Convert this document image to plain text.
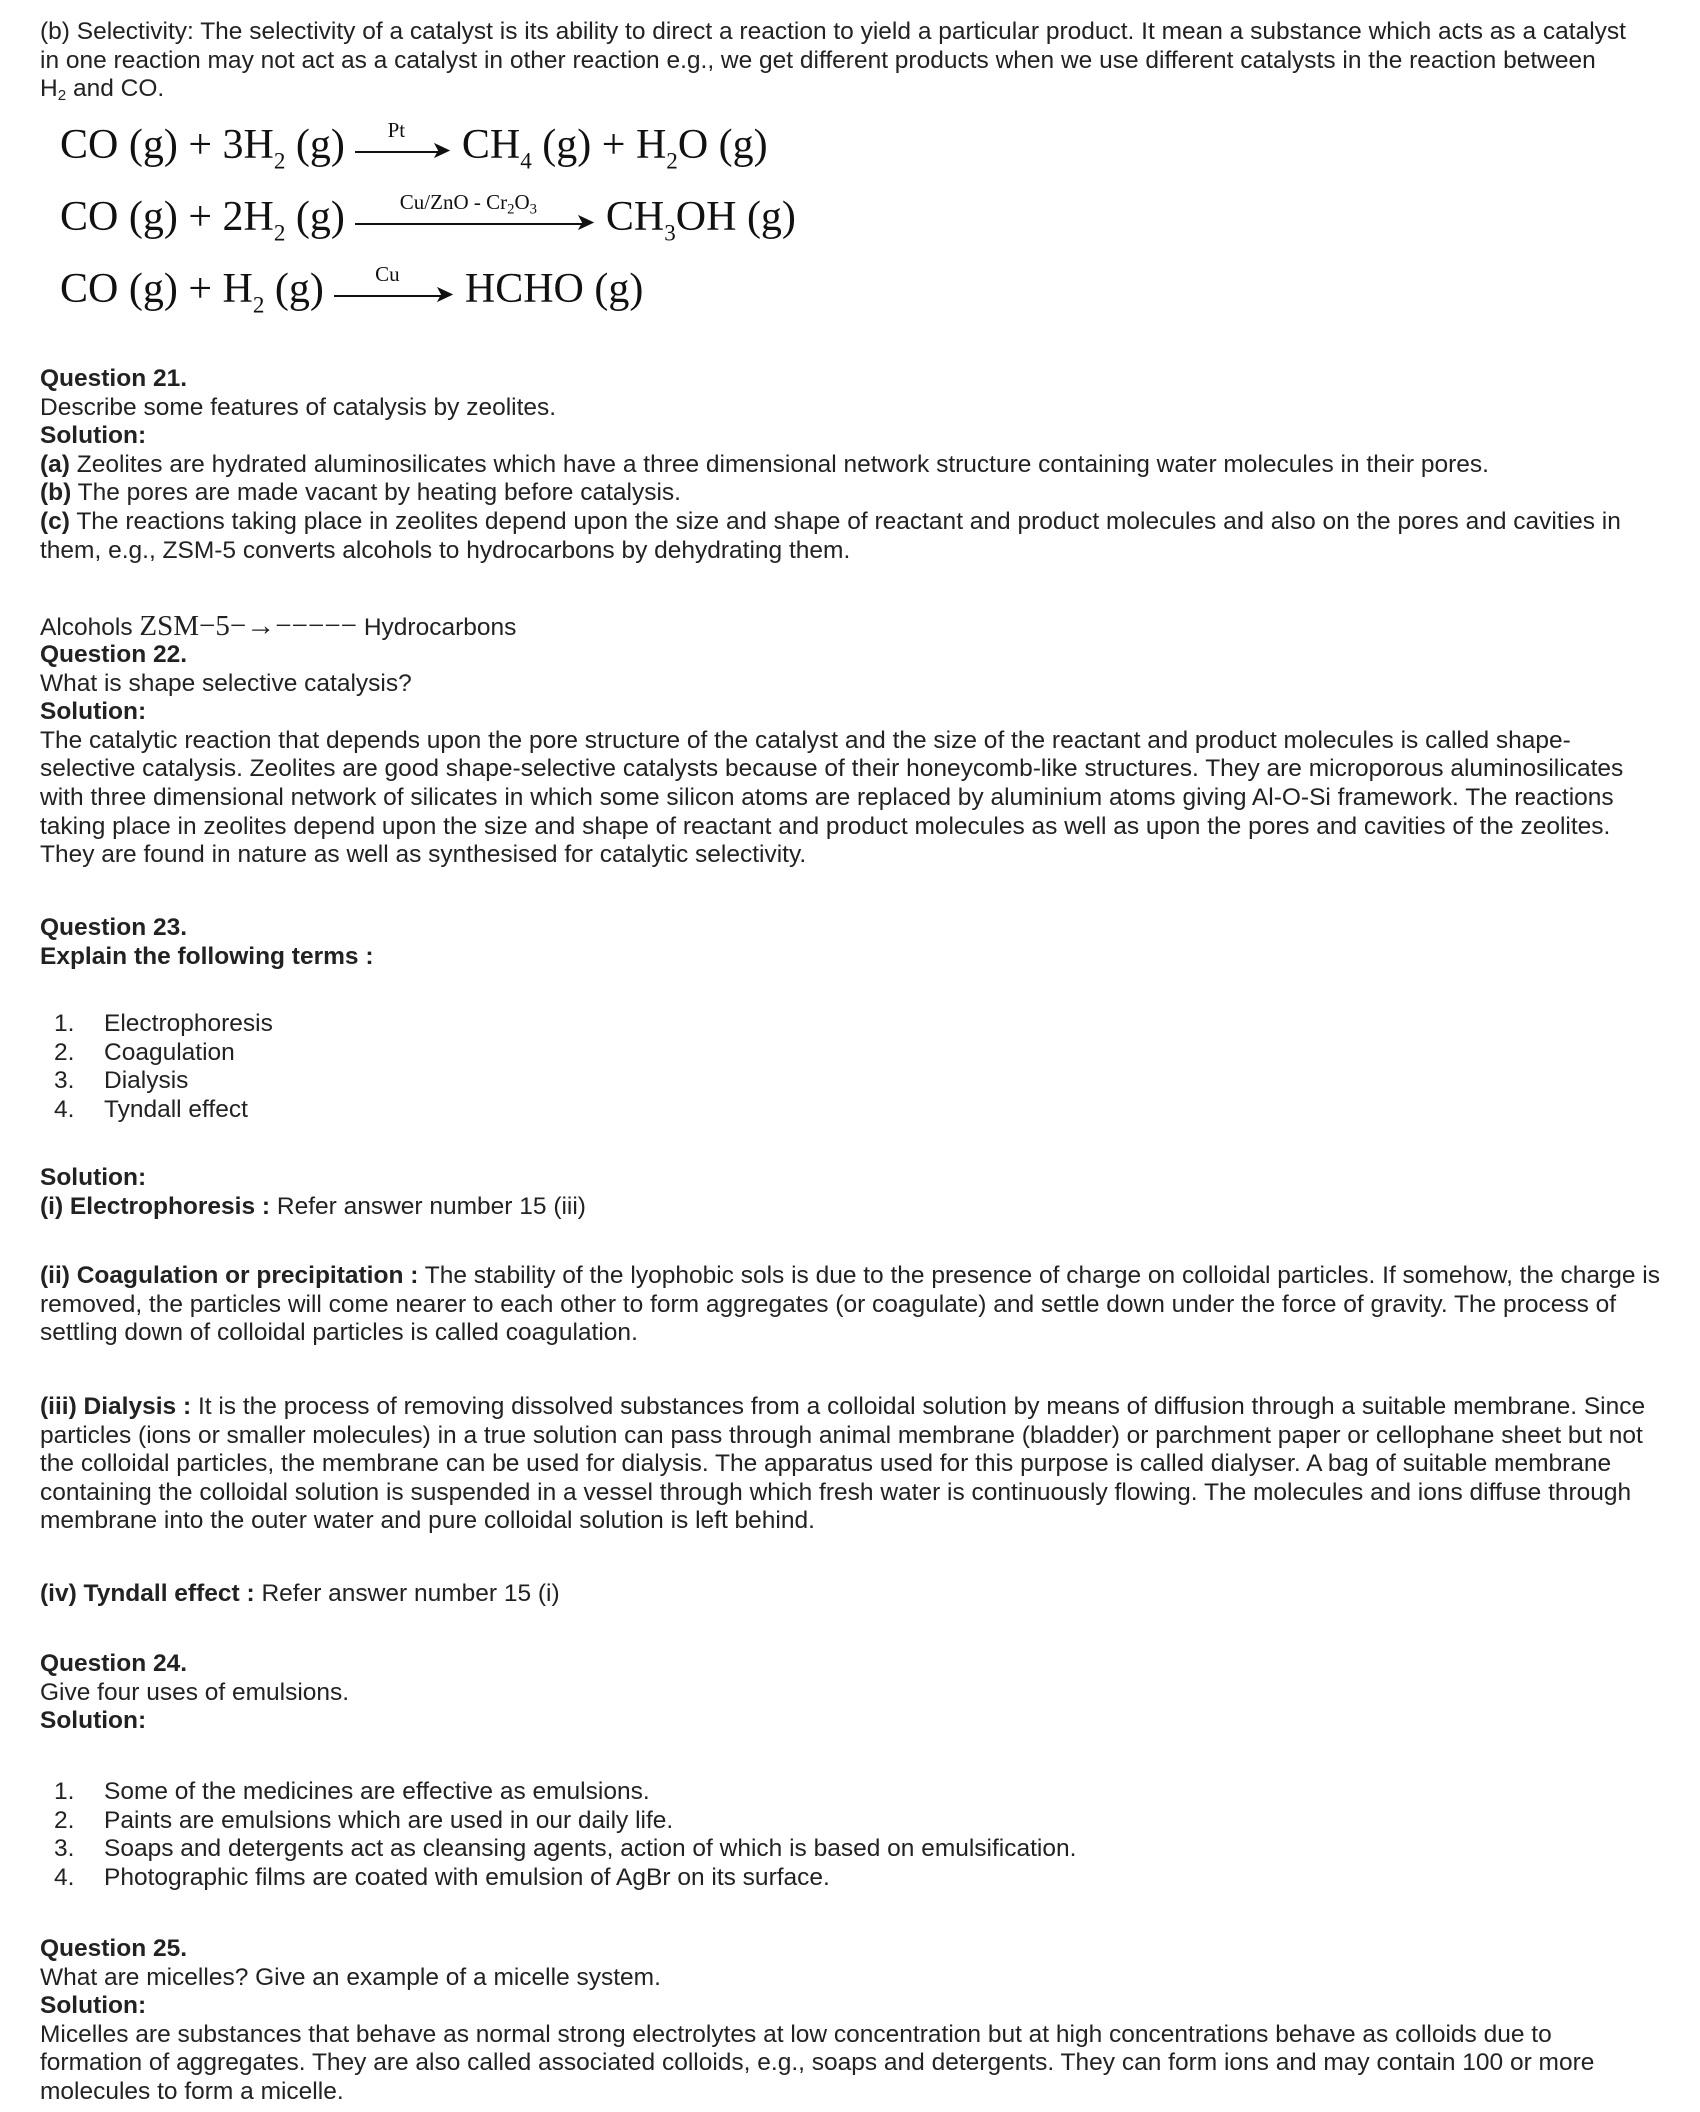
(b) Selectivity: The selectivity of a catalyst is its ability to direct a reaction to yield a particular product. It mean a substance which acts as a catalyst

in one reaction may not act as a catalyst in other reaction e.g., we get different products when we use different catalysts in the reaction between

$H_2$ and CO.

CO $(g) + 3H_2$ (g)	Pt
➤ $CH_4$ $(g) + H_2O$ (g)
CO $(g) + 2H_2$ (g)	$Cu/ZnO - Cr_2O_3$
➤ $CH_3OH$ (g)
CO $(g) + H_2$ (g)	Cu
➤ HCHO (g)

Question 21.

Describe some features of catalysis by zeolites.

Solution:

(a) Zeolites are hydrated aluminosilicates which have a three dimensional network structure containing water molecules in their pores.

(b) The pores are made vacant by heating before catalysis.

(c) The reactions taking place in zeolites depend upon the size and shape of reactant and product molecules and also on the pores and cavities in them, e.g., ZSM-5 converts alcohols to hydrocarbons by dehydrating them.

Alcohols ZSM−5−→−−−−− Hydrocarbons

Question 22.

What is shape selective catalysis?

Solution:

The catalytic reaction that depends upon the pore structure of the catalyst and the size of the reactant and product molecules is called shape-selective catalysis. Zeolites are good shape-selective catalysts because of their honeycomb-like structures. They are microporous aluminosilicates with three dimensional network of silicates in which some silicon atoms are replaced by aluminium atoms giving Al-O-Si framework. The reactions taking place in zeolites depend upon the size and shape of reactant and product molecules as well as upon the pores and cavities of the zeolites. They are found in nature as well as synthesised for catalytic selectivity.

Question 23.

Explain the following terms :

1. Electrophoresis
2. Coagulation
3. Dialysis
4. Tyndall effect

Solution:

(i) Electrophoresis : Refer answer number 15 (iii)

(ii) Coagulation or precipitation : The stability of the lyophobic sols is due to the presence of charge on colloidal particles. If somehow, the charge is removed, the particles will come nearer to each other to form aggregates (or coagulate) and settle down under the force of gravity. The process of settling down of colloidal particles is called coagulation.

(iii) Dialysis : It is the process of removing dissolved substances from a colloidal solution by means of diffusion through a suitable membrane. Since particles (ions or smaller molecules) in a true solution can pass through animal membrane (bladder) or parchment paper or cellophane sheet but not the colloidal particles, the membrane can be used for dialysis. The apparatus used for this purpose is called dialyser. A bag of suitable membrane containing the colloidal solution is suspended in a vessel through which fresh water is continuously flowing. The molecules and ions diffuse through membrane into the outer water and pure colloidal solution is left behind.

(iv) Tyndall effect : Refer answer number 15 (i)

Question 24.

Give four uses of emulsions.

Solution:

1. Some of the medicines are effective as emulsions.
2. Paints are emulsions which are used in our daily life.
3. Soaps and detergents act as cleansing agents, action of which is based on emulsification.
4. Photographic films are coated with emulsion of AgBr on its surface.

Question 25.

What are micelles? Give an example of a micelle system.

Solution:

Micelles are substances that behave as normal strong electrolytes at low concentration but at high concentrations behave as colloids due to formation of aggregates. They are also called associated colloids, e.g., soaps and detergents. They can form ions and may contain 100 or more molecules to form a micelle.
